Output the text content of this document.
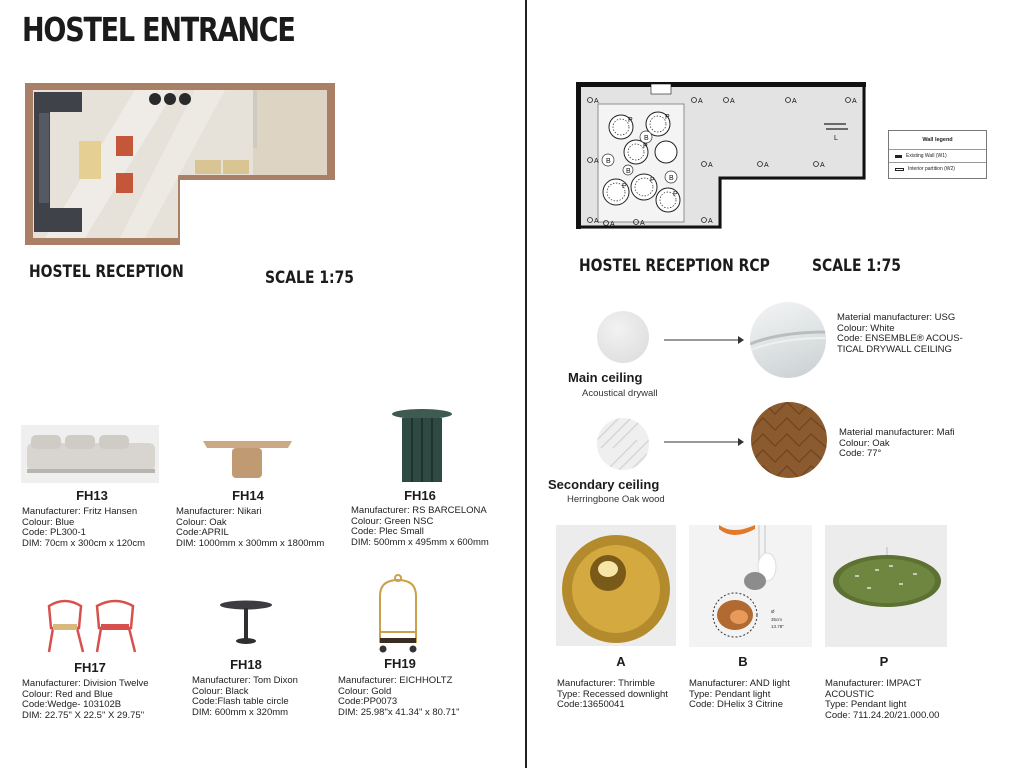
HOSTEL ENTRANCE
HOSTEL RECEPTION	SCALE 1:75
FH13
Manufacturer: Fritz Hansen
Colour: Blue
Code: PL300-1
DIM: 70cm x 300cm x 120cm
FH14
Manufacturer: Nikari
Colour: Oak
Code:APRIL
DIM: 1000mm x 300mm x 1800mm
FH16
Manufacturer: RS BARCELONA
Colour: Green NSC
Code: Plec Small
DIM: 500mm x 495mm x 600mm
FH17
Manufacturer: Division Twelve
Colour: Red and Blue
Code:Wedge- 103102B
DIM: 22.75" X 22.5" X 29.75"
FH18
Manufacturer: Tom Dixon
Colour: Black
Code:Flash table circle
DIM: 600mm x 320mm
FH19
Manufacturer: EICHHOLTZ
Colour: Gold
Code:PP0073
DIM: 25.98"x 41.34" x 80.71"
A	A	A	A	A
A
A	A	A
A	A	A
A
P	P
P
P
P
P
B
B
B
B
L	Wall legend
Existing Wall (W1)
Interior partition (W2)
HOSTEL RECEPTION RCP SCALE 1:75
Main ceiling
Acoustical drywall
Material manufacturer: USG
Colour: White
Code: ENSEMBLE® ACOUS-
TICAL DRYWALL CEILING
Secondary ceiling
Herringbone Oak wood
Material manufacturer: Mafi
Colour: Oak
Code: 77°
Ø
35cm
13.78"
A
Manufacturer: Thrimble
Type: Recessed downlight
Code:13650041
B
Manufacturer: AND light
Type: Pendant light
Code: DHelix 3 Citrine
P
Manufacturer: IMPACT
ACOUSTIC
Type: Pendant light
Code: 711.24.20/21.000.00
